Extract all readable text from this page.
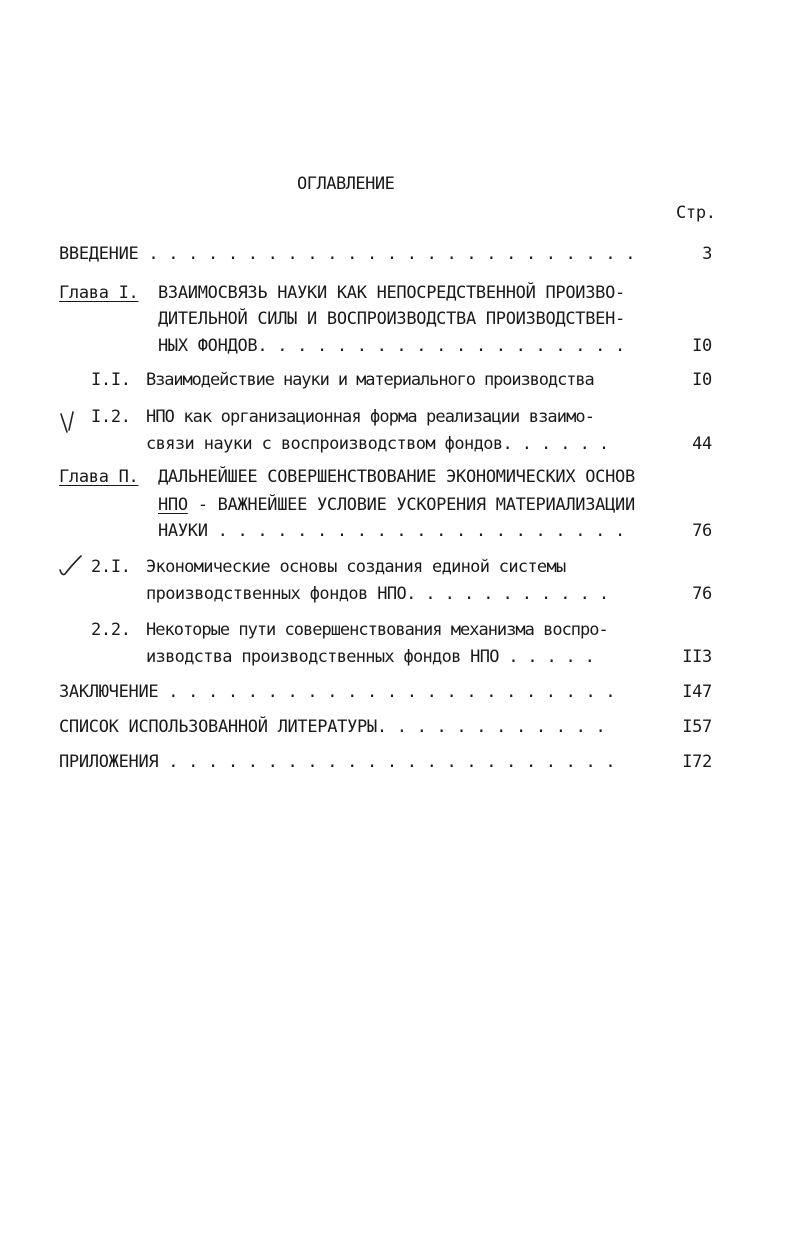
ОГЛАВЛЕНИЕ
Стр.
ВВЕДЕНИЕ . . . . . . . . . . . . . . . . . . . . . . . . .	3
Глава I. ВЗАИМОСВЯЗЬ НАУКИ КАК НЕПОСРЕДСТВЕННОЙ ПРОИЗВО-
ДИТЕЛЬНОЙ СИЛЫ И ВОСПРОИЗВОДСТВА ПРОИЗВОДСТВЕН-
НЫХ ФОНДОВ. . . . . . . . . . . . . . . . . . .	I0
I.I. Взаимодействие науки и материального производства	I0
I.2. НПО как организационная форма реализации взаимо-
связи науки с воспроизводством фондов. . . . . .	44
Глава П. ДАЛЬНЕЙШЕЕ СОВЕРШЕНСТВОВАНИЕ ЭКОНОМИЧЕСКИХ ОСНОВ
НПО - ВАЖНЕЙШЕЕ УСЛОВИЕ УСКОРЕНИЯ МАТЕРИАЛИЗАЦИИ
НАУКИ . . . . . . . . . . . . . . . . . . . . .	76
2.I. Экономические основы создания единой системы
производственных фондов НПО. . . . . . . . . . .	76
2.2. Некоторые пути совершенствования механизма воспро-
изводства производственных фондов НПО . . . . .	II3
ЗАКЛЮЧЕНИЕ . . . . . . . . . . . . . . . . . . . . . . .	I47
СПИСОК ИСПОЛЬЗОВАННОЙ ЛИТЕРАТУРЫ. . . . . . . . . . . .	I57
ПРИЛОЖЕНИЯ . . . . . . . . . . . . . . . . . . . . . . .	I72
